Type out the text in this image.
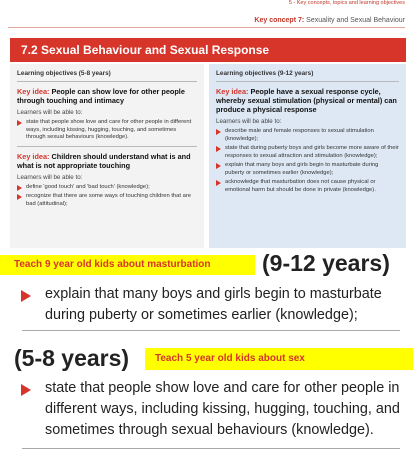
5 - Key concepts, topics and learning objectives
Key concept 7: Sexuality and Sexual Behaviour
7.2 Sexual Behaviour and Sexual Response
Learning objectives (5-8 years)
Key idea: People can show love for other people through touching and intimacy
Learners will be able to:
state that people show love and care for other people in different ways, including kissing, hugging, touching, and sometimes through sexual behaviours (knowledge).
Key idea: Children should understand what is and what is not appropriate touching
Learners will be able to:
define 'good touch' and 'bad touch' (knowledge);
recognize that there are some ways of touching children that are bad (attitudinal);
Learning objectives (9-12 years)
Key idea: People have a sexual response cycle, whereby sexual stimulation (physical or mental) can produce a physical response
Learners will be able to:
describe male and female responses to sexual stimulation (knowledge);
state that during puberty boys and girls become more aware of their responses to sexual attraction and stimulation (knowledge);
explain that many boys and girls begin to masturbate during puberty or sometimes earlier (knowledge);
acknowledge that masturbation does not cause physical or emotional harm but should be done in private (knowledge).
Teach 9 year old kids about masturbation	(9-12 years)
explain that many boys and girls begin to masturbate during puberty or sometimes earlier (knowledge);
(5-8 years)	Teach 5 year old kids about sex
state that people show love and care for other people in different ways, including kissing, hugging, touching, and sometimes through sexual behaviours (knowledge).
